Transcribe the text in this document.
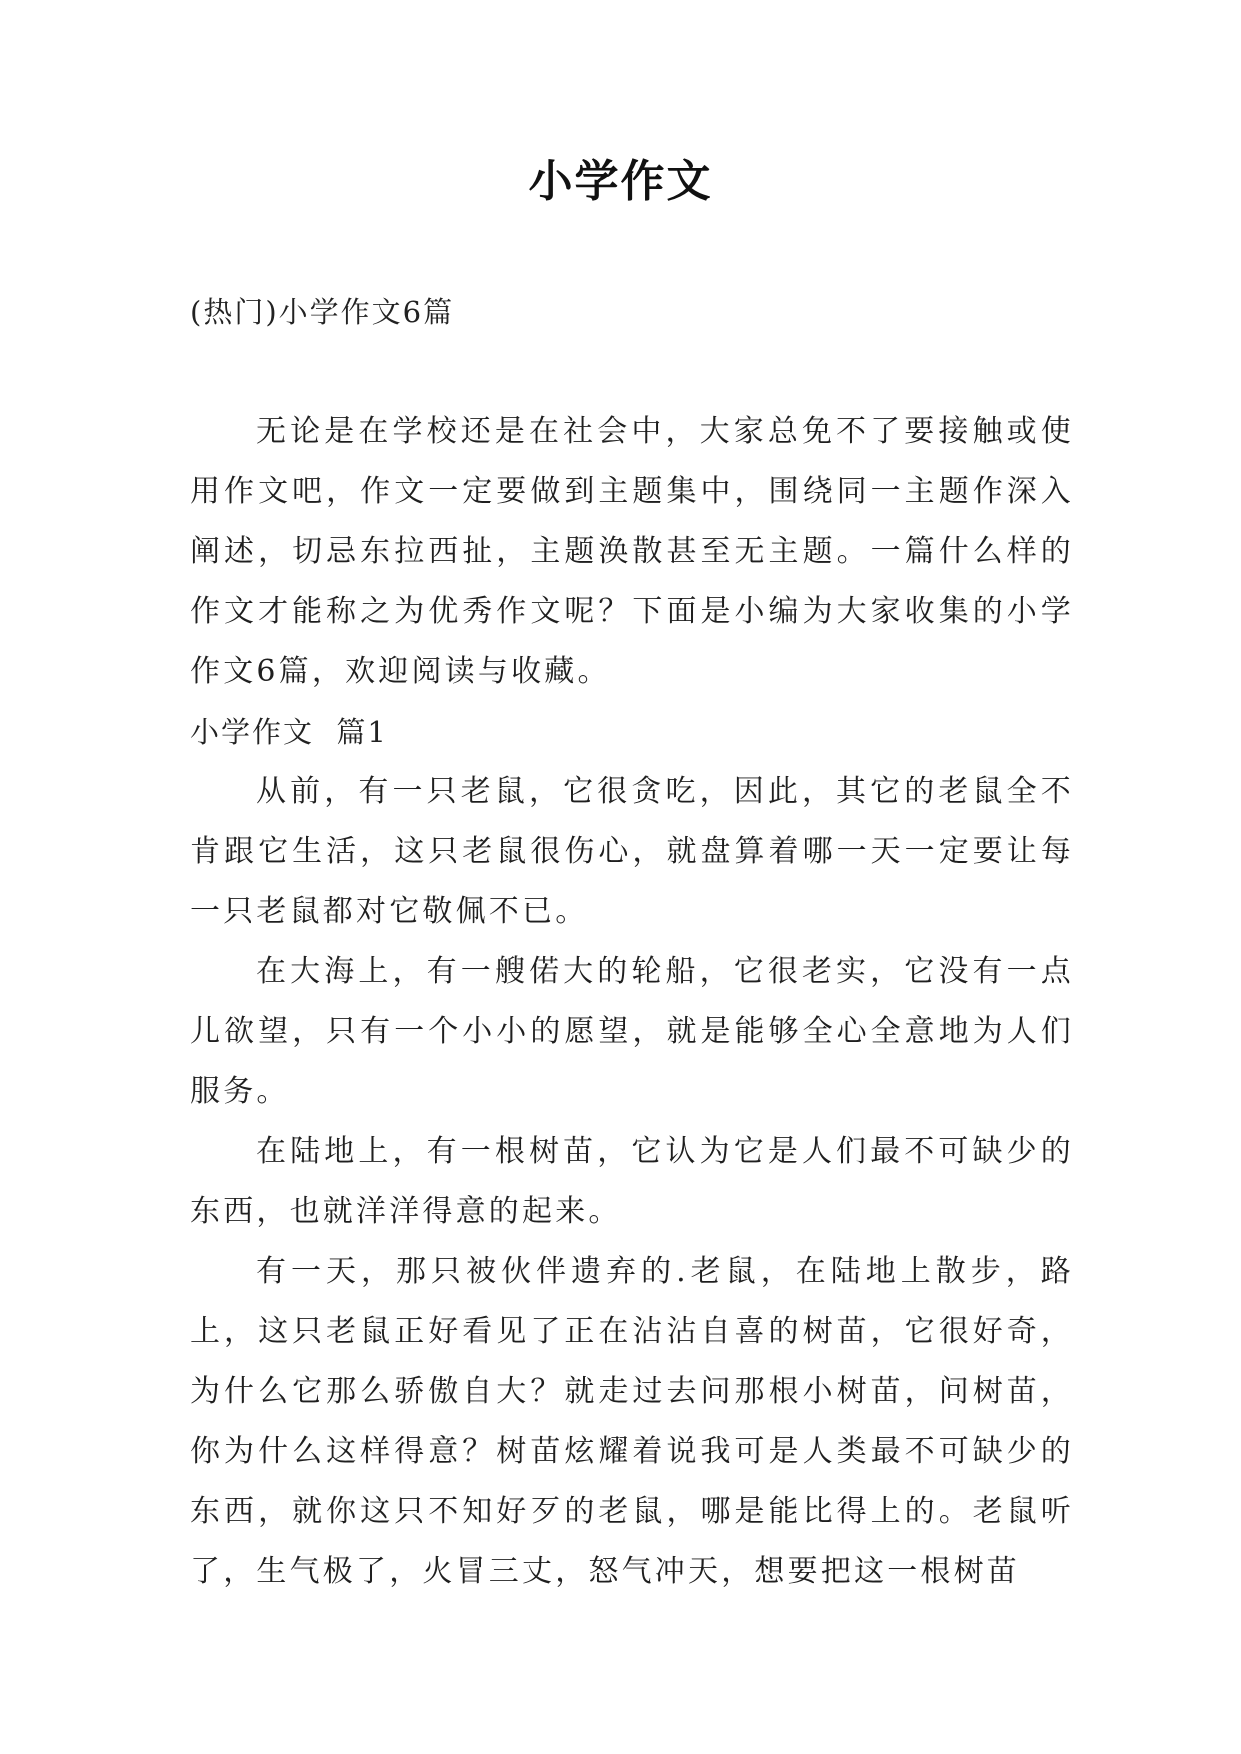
小学作文
(热门)小学作文6篇

无论是在学校还是在社会中，大家总免不了要接触或使用作文吧，作文一定要做到主题集中，围绕同一主题作深入阐述，切忌东拉西扯，主题涣散甚至无主题。一篇什么样的作文才能称之为优秀作文呢？下面是小编为大家收集的小学作文6篇，欢迎阅读与收藏。

小学作文  篇1

从前，有一只老鼠，它很贪吃，因此，其它的老鼠全不肯跟它生活，这只老鼠很伤心，就盘算着哪一天一定要让每一只老鼠都对它敬佩不已。

在大海上，有一艘偌大的轮船，它很老实，它没有一点儿欲望，只有一个小小的愿望，就是能够全心全意地为人们服务。

在陆地上，有一根树苗，它认为它是人们最不可缺少的东西，也就洋洋得意的起来。

有一天，那只被伙伴遗弃的.老鼠，在陆地上散步，路上，这只老鼠正好看见了正在沾沾自喜的树苗，它很好奇，为什么它那么骄傲自大？就走过去问那根小树苗，问树苗，你为什么这样得意？树苗炫耀着说我可是人类最不可缺少的东西，就你这只不知好歹的老鼠，哪是能比得上的。老鼠听了，生气极了，火冒三丈，怒气冲天，想要把这一根树苗
